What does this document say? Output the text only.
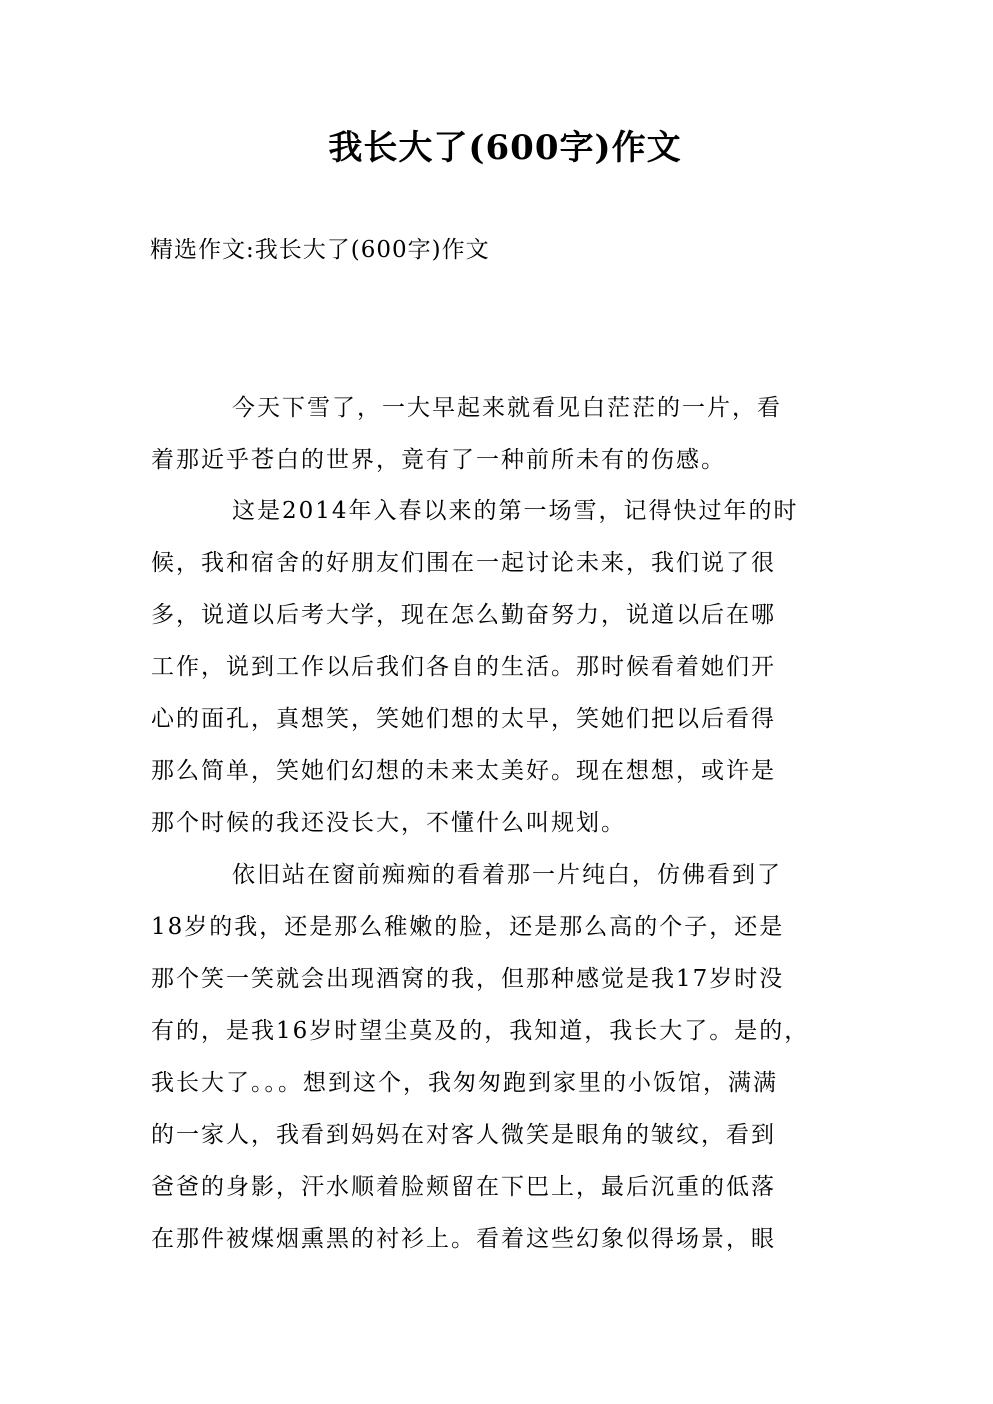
我长大了(600字)作文
精选作文:我长大了(600字)作文
今天下雪了，一大早起来就看见白茫茫的一片，看
着那近乎苍白的世界，竟有了一种前所未有的伤感。
这是2014年入春以来的第一场雪，记得快过年的时
候，我和宿舍的好朋友们围在一起讨论未来，我们说了很
多，说道以后考大学，现在怎么勤奋努力，说道以后在哪
工作，说到工作以后我们各自的生活。那时候看着她们开
心的面孔，真想笑，笑她们想的太早，笑她们把以后看得
那么简单，笑她们幻想的未来太美好。现在想想，或许是
那个时候的我还没长大，不懂什么叫规划。
依旧站在窗前痴痴的看着那一片纯白，仿佛看到了
18岁的我，还是那么稚嫩的脸，还是那么高的个子，还是
那个笑一笑就会出现酒窝的我，但那种感觉是我17岁时没
有的，是我16岁时望尘莫及的，我知道，我长大了。是的，
我长大了。。。想到这个，我匆匆跑到家里的小饭馆，满满
的一家人，我看到妈妈在对客人微笑是眼角的皱纹，看到
爸爸的身影，汗水顺着脸颊留在下巴上，最后沉重的低落
在那件被煤烟熏黑的衬衫上。看着这些幻象似得场景，眼
